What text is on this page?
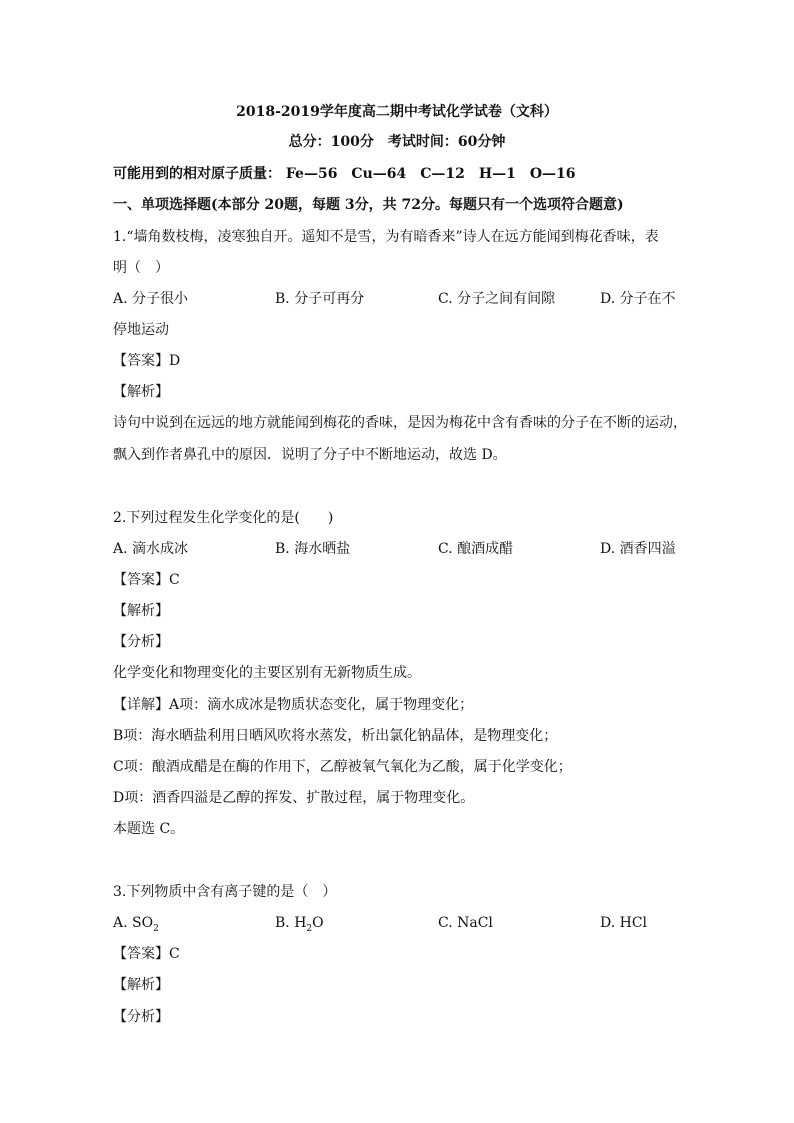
2018-2019学年度高二期中考试化学试卷（文科）
总分：100分　考试时间：60分钟
可能用到的相对原子质量： Fe—56　Cu—64　C—12　H—1　O—16
一、单项选择题(本部分 20题，每题 3分，共 72分。每题只有一个选项符合题意)
1.“墙角数枝梅，凌寒独自开。遥知不是雪，为有暗香来”诗人在远方能闻到梅花香味，表
明（　）
A. 分子很小	B. 分子可再分	C. 分子之间有间隙	D. 分子在不
停地运动
【答案】D
【解析】
诗句中说到在远远的地方就能闻到梅花的香味，是因为梅花中含有香味的分子在不断的运动，
飘入到作者鼻孔中的原因．说明了分子中不断地运动，故选 D。
2.下列过程发生化学变化的是(　　)
A. 滴水成冰	B. 海水晒盐	C. 酿酒成醋	D. 酒香四溢
【答案】C
【解析】
【分析】
化学变化和物理变化的主要区别有无新物质生成。
【详解】A项：滴水成冰是物质状态变化，属于物理变化；
B项：海水晒盐利用日晒风吹将水蒸发，析出氯化钠晶体，是物理变化；
C项：酿酒成醋是在酶的作用下，乙醇被氧气氧化为乙酸，属于化学变化；
D项：酒香四溢是乙醇的挥发、扩散过程，属于物理变化。
本题选 C。
3.下列物质中含有离子键的是（　）
A. $SO_2$	B. $H_2O$	C. NaCl	D. HCl
【答案】C
【解析】
【分析】
